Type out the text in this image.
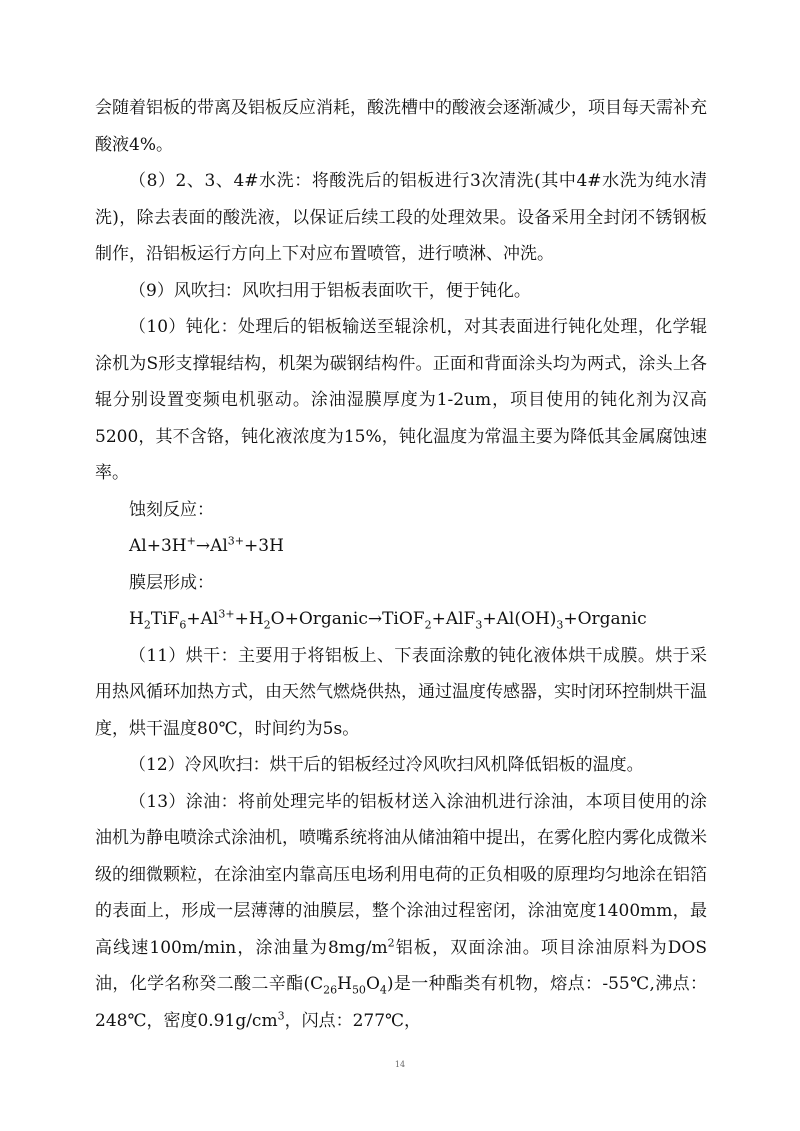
会随着铝板的带离及铝板反应消耗，酸洗槽中的酸液会逐渐减少，项目每天需补充酸液4%。

（8）2、3、4#水洗：将酸洗后的铝板进行3次清洗(其中4#水洗为纯水清洗)，除去表面的酸洗液，以保证后续工段的处理效果。设备采用全封闭不锈钢板制作，沿铝板运行方向上下对应布置喷管，进行喷淋、冲洗。

（9）风吹扫：风吹扫用于铝板表面吹干，便于钝化。

（10）钝化：处理后的铝板输送至辊涂机，对其表面进行钝化处理，化学辊涂机为S形支撑辊结构，机架为碳钢结构件。正面和背面涂头均为两式，涂头上各辊分别设置变频电机驱动。涂油湿膜厚度为1-2um，项目使用的钝化剂为汉高5200，其不含铬，钝化液浓度为15%，钝化温度为常温主要为降低其金属腐蚀速率。

蚀刻反应：

$Al+3H^+\to Al^{3+}+3H$

膜层形成：

$H_2TiF_6+Al^{3+}+H_2O+Organic\to TiOF_2+AlF_3+Al(OH)_3+Organic$

（11）烘干：主要用于将铝板上、下表面涂敷的钝化液体烘干成膜。烘于采用热风循环加热方式，由天然气燃烧供热，通过温度传感器，实时闭环控制烘干温度，烘干温度80℃，时间约为5s。

（12）冷风吹扫：烘干后的铝板经过冷风吹扫风机降低铝板的温度。

（13）涂油：将前处理完毕的铝板材送入涂油机进行涂油，本项目使用的涂油机为静电喷涂式涂油机，喷嘴系统将油从储油箱中提出，在雾化腔内雾化成微米级的细微颗粒，在涂油室内靠高压电场利用电荷的正负相吸的原理均匀地涂在铝箔的表面上，形成一层薄薄的油膜层，整个涂油过程密闭，涂油宽度1400mm，最高线速100m/min，涂油量为$8mg/m^2$铝板，双面涂油。项目涂油原料为DOS油，化学名称癸二酸二辛酯$(C_{26}H_{50}O_4)$是一种酯类有机物，熔点：-55℃,沸点：248℃，密度$0.91g/cm^3$，闪点：277℃，

14
